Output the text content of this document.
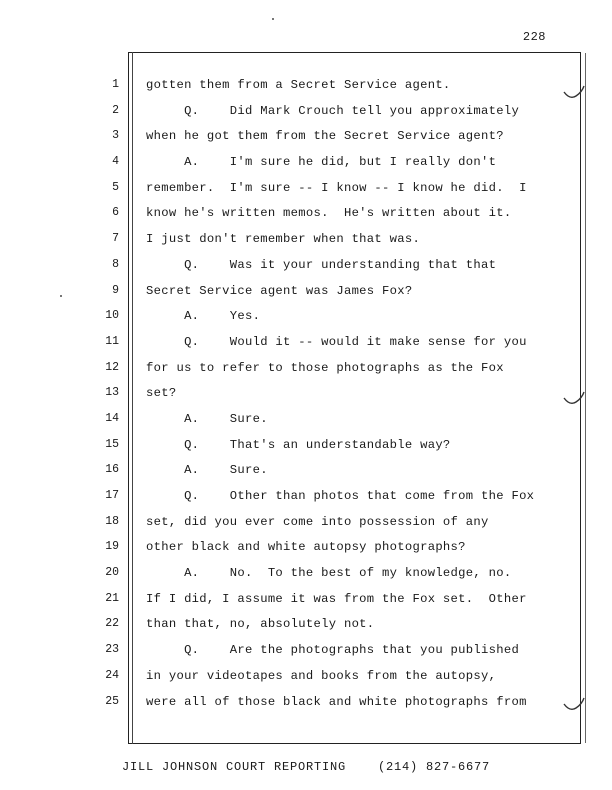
228
1
2
3
4
5
6
7
8
9
10
11
12
13
14
15
16
17
18
19
20
21
22
23
24
25
gotten them from a Secret Service agent.
Q.    Did Mark Crouch tell you approximately
when he got them from the Secret Service agent?
A.    I'm sure he did, but I really don't
remember.  I'm sure -- I know -- I know he did.  I
know he's written memos.  He's written about it.
I just don't remember when that was.
Q.    Was it your understanding that that
Secret Service agent was James Fox?
A.    Yes.
Q.    Would it -- would it make sense for you
for us to refer to those photographs as the Fox
set?
A.    Sure.
Q.    That's an understandable way?
A.    Sure.
Q.    Other than photos that come from the Fox
set, did you ever come into possession of any
other black and white autopsy photographs?
A.    No.  To the best of my knowledge, no.
If I did, I assume it was from the Fox set.  Other
than that, no, absolutely not.
Q.    Are the photographs that you published
in your videotapes and books from the autopsy,
were all of those black and white photographs from
JILL JOHNSON COURT REPORTING	(214) 827-6677
